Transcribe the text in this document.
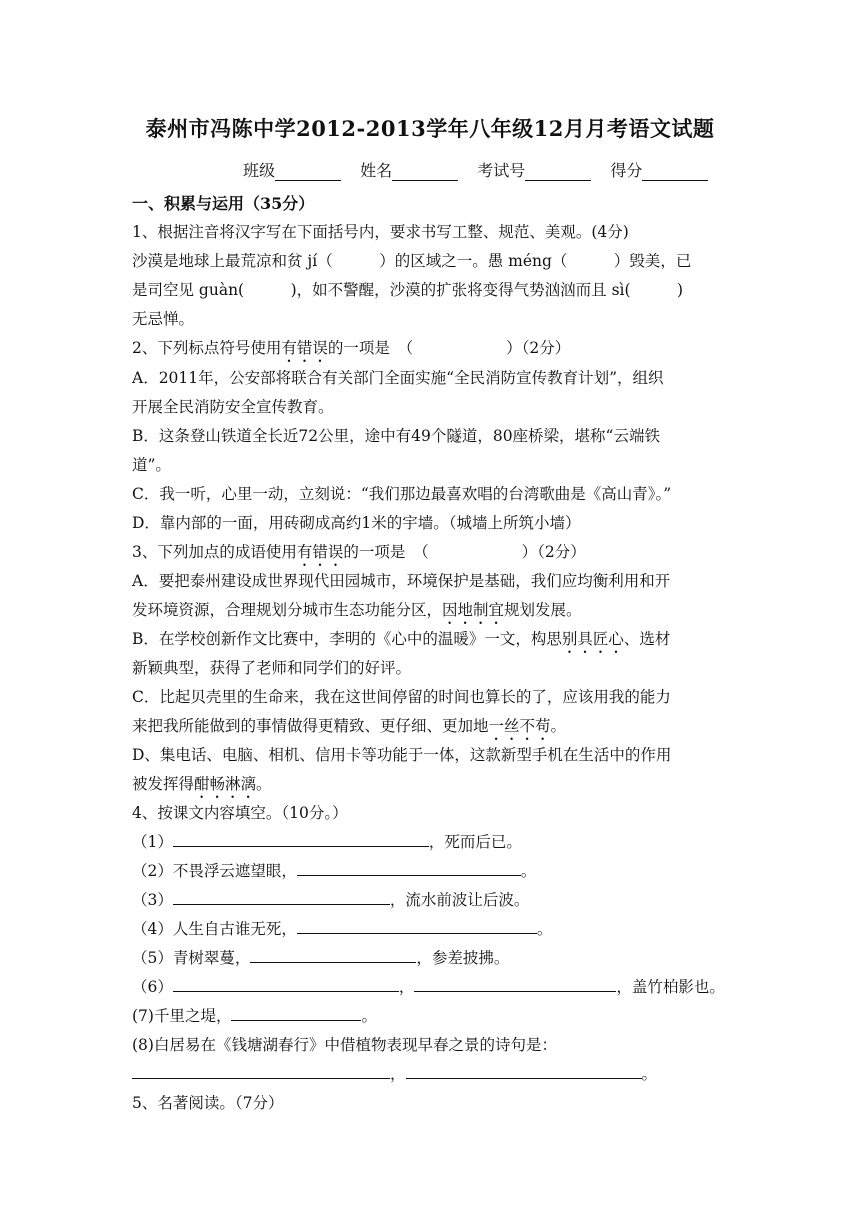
泰州市冯陈中学2012-2013学年八年级12月月考语文试题
班级	姓名	考试号	得分
一、积累与运用（35分）
1、根据注音将汉字写在下面括号内，要求书写工整、规范、美观。(4分)
沙漠是地球上最荒凉和贫 jí（　　　）的区域之一。愚 méng（　　　）毁美，已
是司空见 guàn(　　　)，如不警醒，沙漠的扩张将变得气势汹汹而且 sì(　　　)
无忌惮。
2、下列标点符号使用有错误的一项是　（　　　　　　）（2分）
A．2011年，公安部将联合有关部门全面实施“全民消防宣传教育计划”，组织
开展全民消防安全宣传教育。
B．这条登山铁道全长近72公里，途中有49个隧道，80座桥梁，堪称“云端铁
道”。
C．我一听，心里一动，立刻说：“我们那边最喜欢唱的台湾歌曲是《高山青》。”
D．靠内部的一面，用砖砌成高约1米的宇墙。（城墙上所筑小墙）
3、下列加点的成语使用有错误的一项是　（　　　　　　）（2分）
A．要把泰州建设成世界现代田园城市，环境保护是基础，我们应均衡利用和开
发环境资源，合理规划分城市生态功能分区，因地制宜规划发展。
B．在学校创新作文比赛中，李明的《心中的温暖》一文，构思别具匠心、选材
新颖典型，获得了老师和同学们的好评。
C．比起贝壳里的生命来，我在这世间停留的时间也算长的了，应该用我的能力
来把我所能做到的事情做得更精致、更仔细、更加地一丝不苟。
D、集电话、电脑、相机、信用卡等功能于一体，这款新型手机在生活中的作用
被发挥得酣畅淋漓。
4、按课文内容填空。（10分。）
（1）	，死而后已。
（2）不畏浮云遮望眼，	。
（3）	，流水前波让后波。
（4）人生自古谁无死，	。
（5）青树翠蔓，	，参差披拂。
（6）	，	，盖竹柏影也。
(7)千里之堤，	。
(8)白居易在《钱塘湖春行》中借植物表现早春之景的诗句是：
，	。
5、名著阅读。（7分）
